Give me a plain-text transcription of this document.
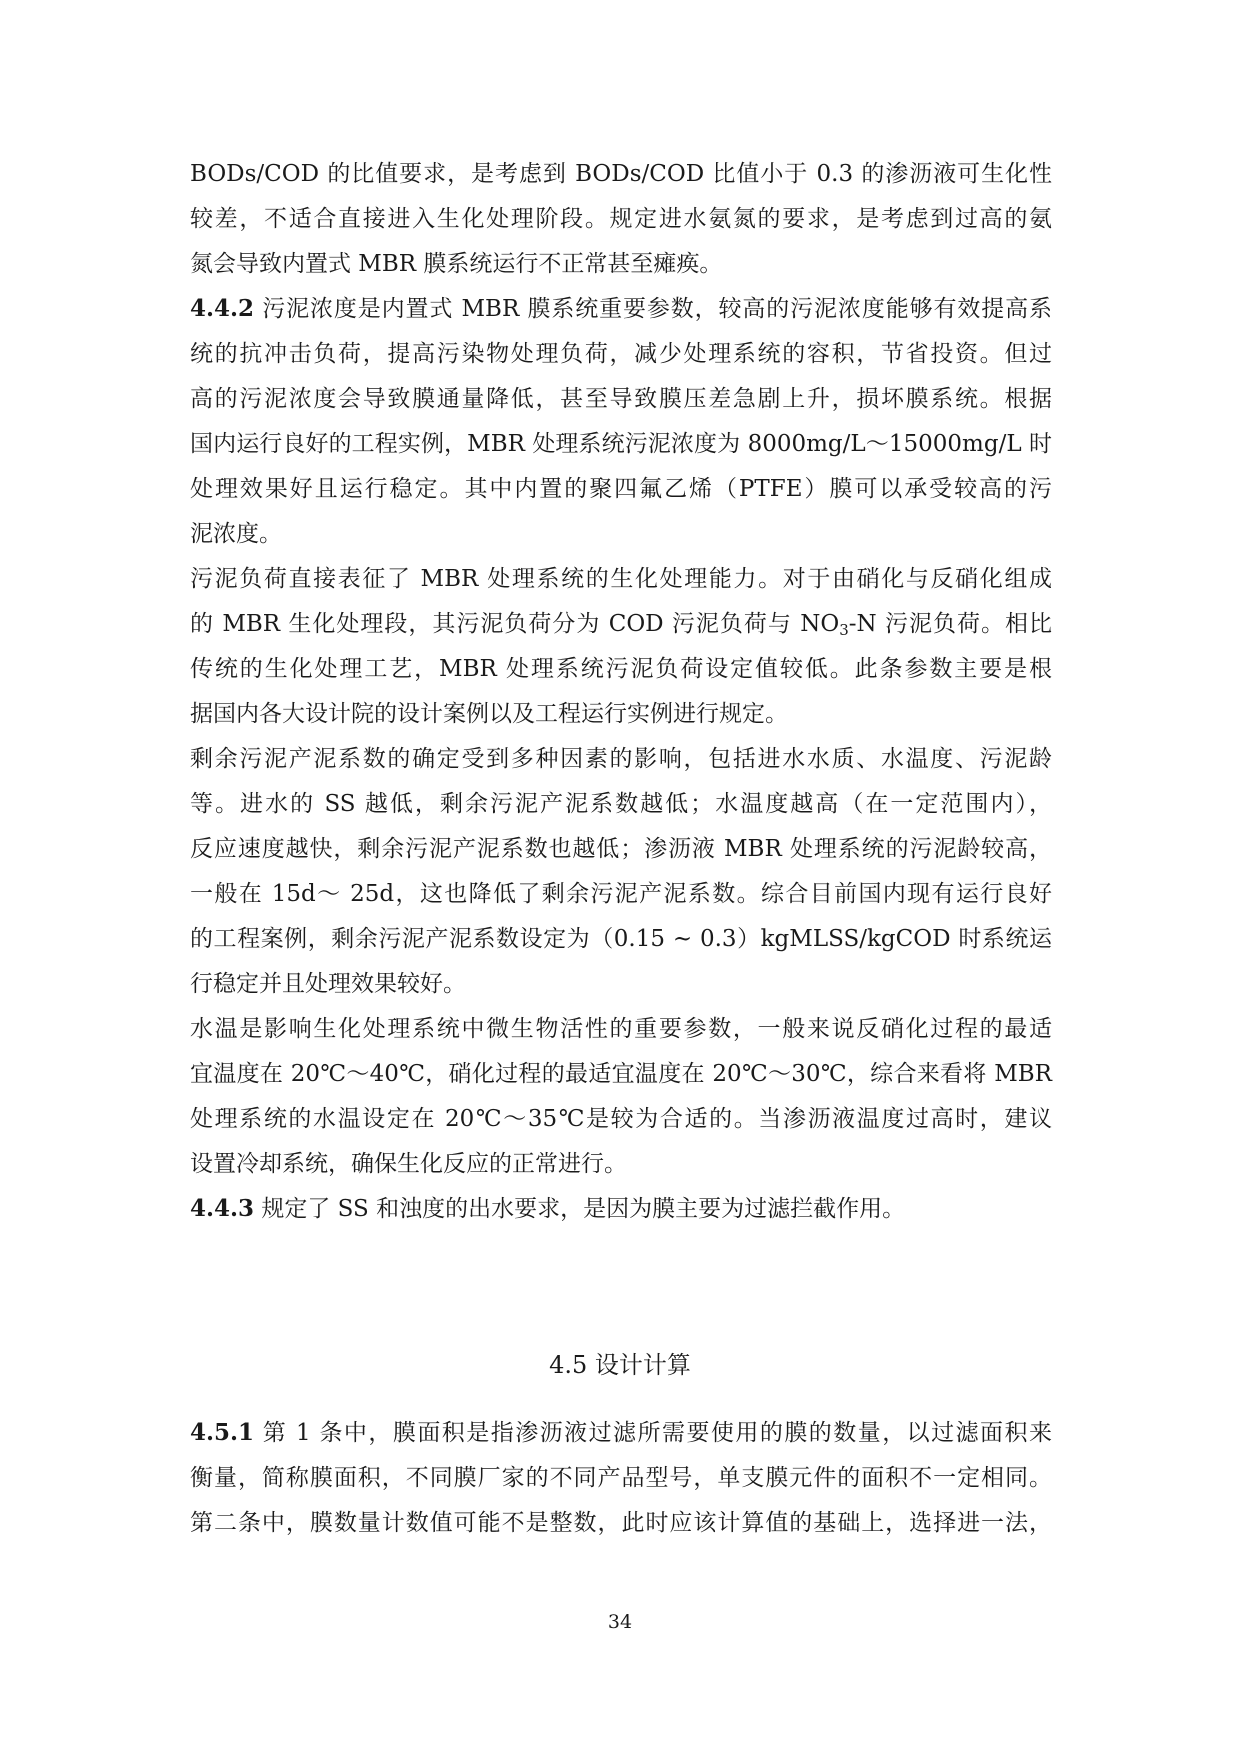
BODs/COD 的比值要求，是考虑到 BODs/COD 比值小于 0.3 的渗沥液可生化性
较差，不适合直接进入生化处理阶段。规定进水氨氮的要求，是考虑到过高的氨
氮会导致内置式 MBR 膜系统运行不正常甚至瘫痪。
4.4.2 污泥浓度是内置式 MBR 膜系统重要参数，较高的污泥浓度能够有效提高系
统的抗冲击负荷，提高污染物处理负荷，减少处理系统的容积，节省投资。但过
高的污泥浓度会导致膜通量降低，甚至导致膜压差急剧上升，损坏膜系统。根据
国内运行良好的工程实例，MBR 处理系统污泥浓度为 8000mg/L～15000mg/L 时
处理效果好且运行稳定。其中内置的聚四氟乙烯（PTFE）膜可以承受较高的污
泥浓度。
污泥负荷直接表征了 MBR 处理系统的生化处理能力。对于由硝化与反硝化组成
的 MBR 生化处理段，其污泥负荷分为 COD 污泥负荷与 $NO_3-N$ 污泥负荷。相比
传统的生化处理工艺，MBR 处理系统污泥负荷设定值较低。此条参数主要是根
据国内各大设计院的设计案例以及工程运行实例进行规定。
剩余污泥产泥系数的确定受到多种因素的影响，包括进水水质、水温度、污泥龄
等。进水的 SS 越低，剩余污泥产泥系数越低；水温度越高（在一定范围内），
反应速度越快，剩余污泥产泥系数也越低；渗沥液 MBR 处理系统的污泥龄较高，
一般在 15d～ 25d，这也降低了剩余污泥产泥系数。综合目前国内现有运行良好
的工程案例，剩余污泥产泥系数设定为（0.15 ~ 0.3）kgMLSS/kgCOD 时系统运
行稳定并且处理效果较好。
水温是影响生化处理系统中微生物活性的重要参数，一般来说反硝化过程的最适
宜温度在 20℃～40℃，硝化过程的最适宜温度在 20℃～30℃，综合来看将 MBR
处理系统的水温设定在 20℃～35℃是较为合适的。当渗沥液温度过高时，建议
设置冷却系统，确保生化反应的正常进行。
4.4.3 规定了 SS 和浊度的出水要求，是因为膜主要为过滤拦截作用。
4.5 设计计算
4.5.1 第 1 条中，膜面积是指渗沥液过滤所需要使用的膜的数量，以过滤面积来
衡量，简称膜面积，不同膜厂家的不同产品型号，单支膜元件的面积不一定相同。
第二条中，膜数量计数值可能不是整数，此时应该计算值的基础上，选择进一法，
34
